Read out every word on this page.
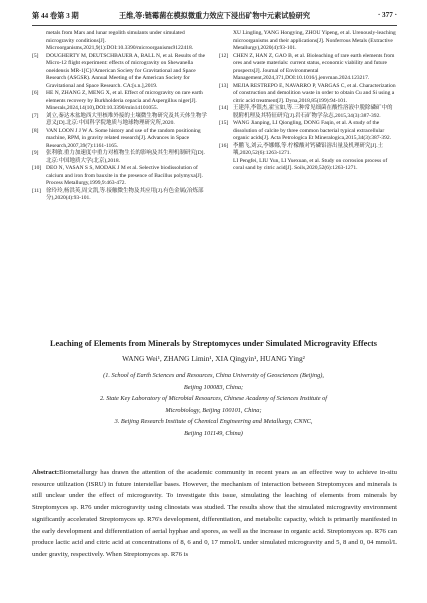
第 44 卷第 3 期	王维,等:链霉菌在模拟微重力效应下浸出矿物中元素试验研究	· 377 ·
metals from Mars and lunar regolith simulants under simulated microgravity conditions[J]. Microorganisms,2021,9(1):DOI:10.3390/microorganisms9122418.
[5] DOUGHERTY M, DEUTSCHBAUER A, BALL N, et al. Results of the Micro-12 flight experiment: effects of microgravity on Shewanella oneidensis MR-1[C]//American Society for Gravitational and Space Research (ASGSR). Annual Meeting of the American Society for Gravitational and Space Research. CA:[s.n.],2019.
[6] HE N, ZHANG Z, MENG X, et al. Effect of microgravity on rare earth elements recovery by Burkholderia cepacia and Aspergillus niger[J]. Minerals,2024,14(10),DOI:10.3390/min14101055.
[7] 刘立,秦达木盆地西大里核堆外接的土壤微生物研究及其天体生物学意义[D].北京:中国科学院地质与地球物理研究所,2020.
[8] VAN LOON J J W A. Some history and use of the random positioning machine, RPM, in gravity related research[J]. Advances in Space Research,2007,39(7):1161-1165.
[9] 张利敏.重力加速度中重力对植物生长的影响及其生理机制研究[D].北京:中国地质大学(北京),2018.
[10] DEO N, VASAN S S, MODAK J M et al. Selective biodissolution of calcium and iron from bauxite in the presence of Bacillus polymyxa[J]. Process Metallurgy,1999,9:463-472.
[11] 徐玲玲,杨洪英,周文凯,等.接触微生物及其应用[J].有色金属(冶炼部分),2020(4):93-101.
XU Lingling, YANG Hongying, ZHOU Yipeng, et al. Urenously-leaching microorganisms and their applications[J]. Nonferrous Metals (Extractive Metallurgy),2020(4):93-101.
[12] CHEN Z, HAN Z, GAO B, et al. Bioleaching of rare earth elements from ores and waste materials: current status, economic viability and future prospects[J]. Journal of Environmental Management,2024,371,DOI:10.1016/j.jenvman.2024.123217.
[13] MEJIA RESTREPO E, NAVARRO P, VARGAS C, et al. Characterization of construction and demolition waste in order to obtain Cu and Si using a citric acid treatment[J]. Dyna,2018,85(199):94-101.
[14] 王建萍,李银杰,霍宝如,等.三种常见细菌在酸性溶液中脱除磷矿中的脱附机理及其特征研究[J].岩石矿物学杂志,2015,34(3):387-392.
[15] WANG Jianping, LI Qiongling, DONG Faqin, et al. A study of the dissolution of calcite by three common bacterial typical extracellular organic acids[J]. Acta Petrologica Et Mineralogica,2015,34(3):387-392.
[16] 李鹏飞,刘云,李娜娜,等.柠檬酸对钙磷铝溶出量及机理研究[J].土壤,2020,52(6):1263-1271.
LI Pengfei, LIU Yun, LI Yuexuan, et al. Study on corrosion process of coral sand by citric acid[J]. Soils,2020,52(6):1263-1271.
Leaching of Elements from Minerals by Streptomyces under Simulated Microgravity Effects
WANG Wei¹, ZHANG Limin¹, XIA Qingyin¹, HUANG Ying²
(1. School of Earth Sciences and Resources, China University of Geosciences (Beijing),
Beijing 100083, China;
2. State Key Laboratory of Microbial Resources, Chinese Academy of Sciences Institute of
Microbiology, Beijing 100101, China;
3. Beijing Research Institute of Chemical Engineering and Metallurgy, CNNC,
Beijing 101149, China)
Abstract:Biometallurgy has drawn the attention of the academic community in recent years as an effective way to achieve in-situ resource utilization (ISRU) in future interstellar bases. However, the mechanism of interaction between Streptomyces and minerals is still unclear under the effect of microgravity. To investigate this issue, simulating the leaching of elements from minerals by Streptomyces sp. R76 under microgravity using clinostats was studied. The results show that the simulated microgravity environment significantly accelerated Streptomyces sp. R76's development, differentiation, and metabolic capacity, which is primarily manifested in the early development and differentiation of aerial hyphae and spores, as well as the increase in organic acid. Streptomyces sp. R76 can produce lactic acid and citric acid at concentrations of 8, 6 and 0, 17 mmol/L under simulated microgravity and 5, 8 and 0, 04 mmol/L under gravity, respectively. When Streptomyces sp. R76 is
